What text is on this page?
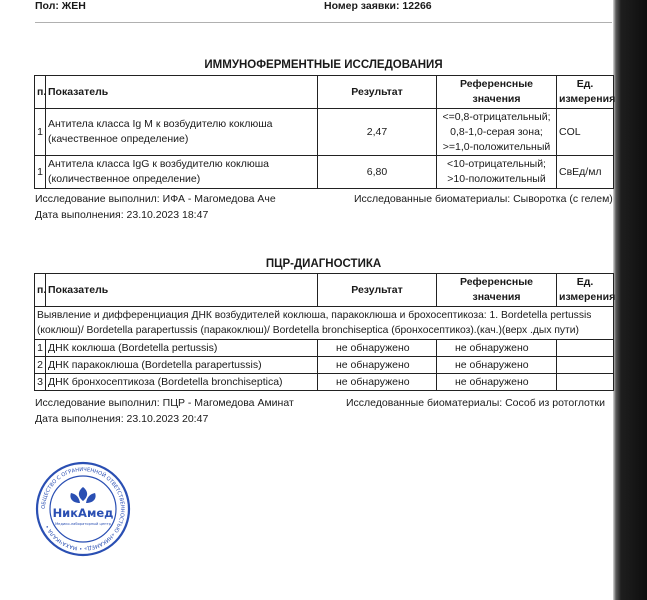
Пол: ЖЕН	Номер заявки: 12266
ИММУНОФЕРМЕНТНЫЕ ИССЛЕДОВАНИЯ
п.	Показатель	Результат	Референсные
значения	Ед.
измерения
1	Антитела класса Ig M к возбудителю коклюша
(качественное определение)	2,47	<=0,8-отрицательный;
0,8-1,0-серая зона;
>=1,0-положительный	COL
1	Антитела класса IgG к возбудителю коклюша
(количественное определение)	6,80	<10-отрицательный;
>10-положительный	СвЕд/мл
Исследование выполнил: ИФА - Магомедова Аче	Исследованные биоматериалы: Сыворотка (с гелем)
Дата выполнения: 23.10.2023 18:47
ПЦР-ДИАГНОСТИКА
п.	Показатель	Результат	Референсные
значения	Ед.
измерения
Выявление и дифференциация ДНК возбудителей коклюша, паракоклюша и брохосептикоза: 1. Bordetella pertussis
(коклюш)/ Bordetella parapertussis (паракоклюш)/ Bordetella bronchiseptica (бронхосептикоз).(кач.)(верх .дых пути)				
1	ДНК коклюша (Bordetella pertussis)	не обнаружено	не обнаружено	
2	ДНК паракоклюша (Bordetella parapertussis)	не обнаружено	не обнаружено	
3	ДНК бронхосептикоза (Bordetella bronchiseptica)	не обнаружено	не обнаружено	
Исследование выполнил: ПЦР - Магомедова Аминат	Исследованные биоматериалы: Сособ из ротоглотки
Дата выполнения: 23.10.2023 20:47
ОБЩЕСТВО С ОГРАНИЧЕННОЙ ОТВЕТСТВЕННОСТЬЮ «НИКАМЕД» • МАХАЧКАЛА •
НикАмед
Медико-лабораторный центр
